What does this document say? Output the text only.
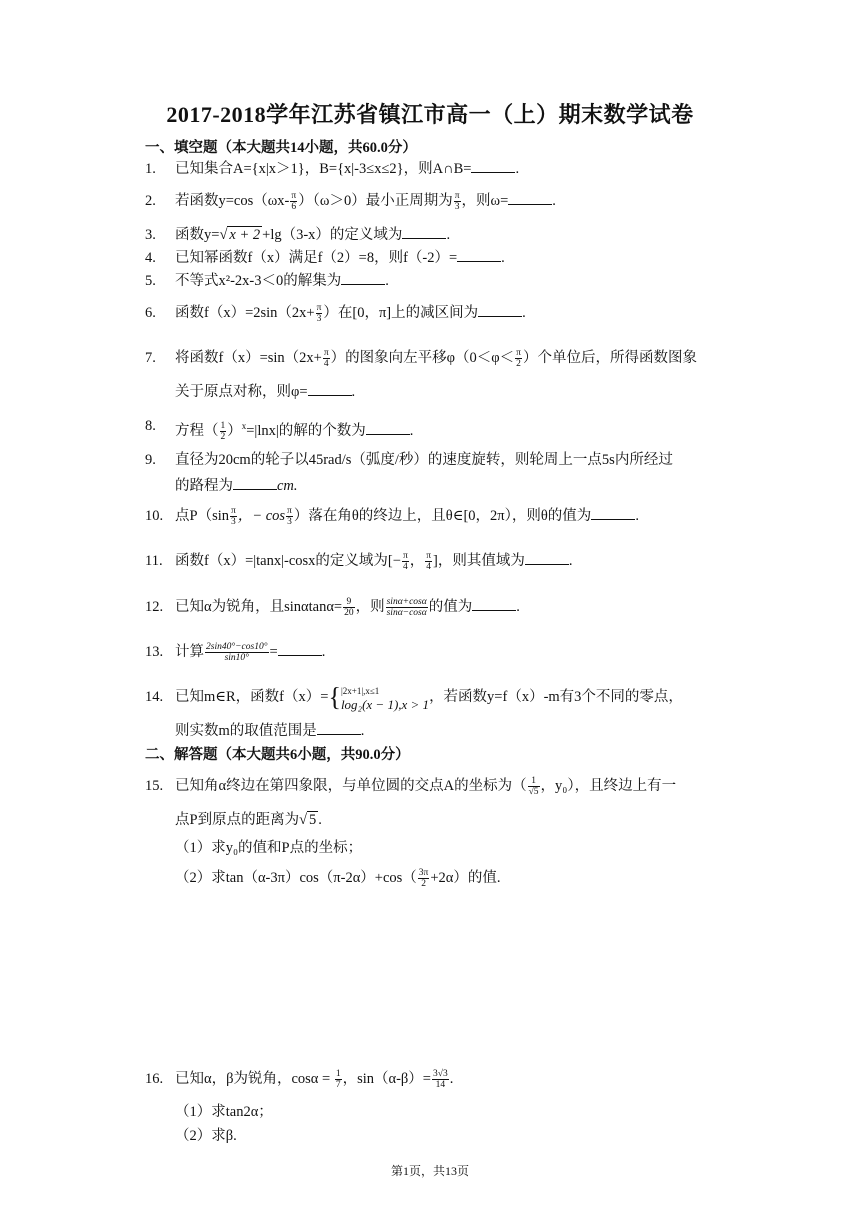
2017-2018学年江苏省镇江市高一（上）期末数学试卷
一、填空题（本大题共14小题，共60.0分）
1.	已知集合A={x|x＞1}，B={x|-3≤x≤2}，则A∩B=	.
2.	若函数$y=\cos(\omega x- \frac{\pi}{6} )(\omega>0)$最小正周期为 $\frac{\pi}{3}$ ，则ω=	.
3.	函数y=√ x + 2 +lg（3-x）的定义域为	.
4.	已知幂函数f（x）满足f（2）=8，则f（-2）=	.
5.	不等式x²-2x-3＜0的解集为	.
6.	函数$f(x)=2\sin(2x+ \frac{\pi}{3}$ ）在[0，π]上的减区间为	.
7.	将函数$f(x)=\sin(2x+ \frac{\pi}{4}$ ）的图象向左平移$\varphi(0<\varphi< \frac{\pi}{2}$ ）个单位后，所得函数图象
关于原点对称，则φ=	.
8.	方程（ $\frac{1}{2} )^x=|\ln x|$的解的个数为	.
9.	直径为20cm的轮子以45rad/s（弧度/秒）的速度旋转，则轮周上一点5s内所经过
的路程为	cm.
10. 点$P(\sin \frac{\pi}{3}$ ，− $\cos \frac{\pi}{3}$ ）落在角θ的终边上，且θ∈[0，2π），则θ的值为	.
11. 函数f（x）=|tanx|-cosx的定义域为[− $\frac{\pi}{4}$ ， $\frac{\pi}{4}$ ]，则其值域为	.
12. 已知α为锐角，且$\sin\alpha\tan\alpha= \frac{9}{20}$ ，则 $\frac{\sin\alpha+\cos\alpha}{\sin\alpha-\cos\alpha}$ 的值为	.
13. 计算 $\frac{2\sin 40^\circ-\cos 10^\circ}{\sin 10^\circ}$ =	.
14. 已知m∈R，函数f（x）={ |2x+1|,x≤1
log₂(x − 1),x > 1 ，若函数y=f（x）-m有3个不同的零点，
则实数m的取值范围是	.
二、解答题（本大题共6小题，共90.0分）
15. 已知角α终边在第四象限，与单位圆的交点A的坐标为（ $\frac{1}{√5}$ ，y₀），且终边上有一
点P到原点的距离为√ 5 .
（1）求y₀的值和P点的坐标；
（2）求$\tan(\alpha-3\pi)\cos(\pi-2\alpha)+\cos( \frac{3\pi}{2} +2\alpha)$的值.
16. 已知α，β为锐角，$\cos\alpha = \frac{1}{7}$ ，$\sin(\alpha-\beta)= \frac{3√3}{14}$ .
（1）求tan2α；
（2）求β.
第1页，共13页
